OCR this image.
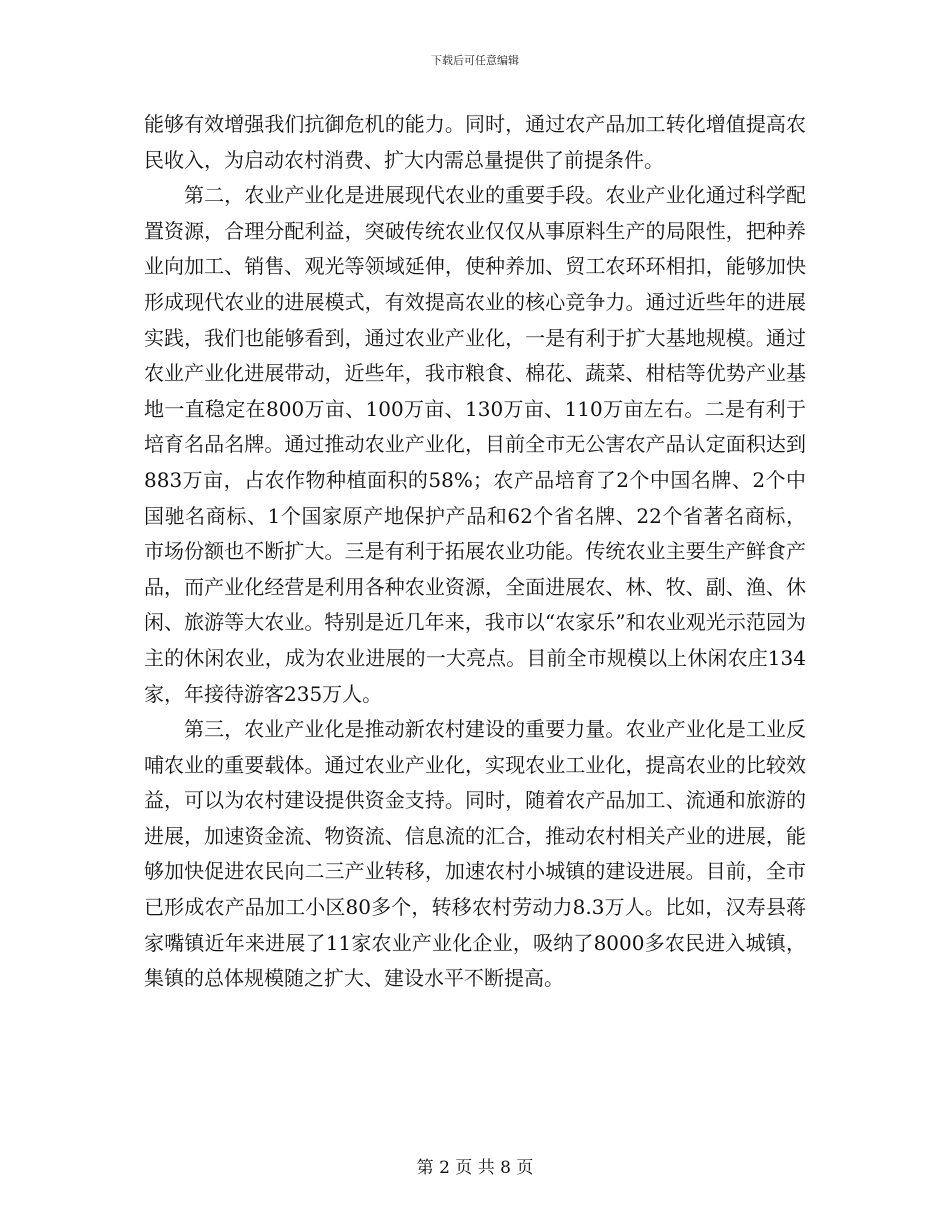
下载后可任意编辑

能够有效增强我们抗御危机的能力。同时，通过农产品加工转化增值提高农民收入，为启动农村消费、扩大内需总量提供了前提条件。

第二，农业产业化是进展现代农业的重要手段。农业产业化通过科学配置资源，合理分配利益，突破传统农业仅仅从事原料生产的局限性，把种养业向加工、销售、观光等领域延伸，使种养加、贸工农环环相扣，能够加快形成现代农业的进展模式，有效提高农业的核心竞争力。通过近些年的进展实践，我们也能够看到，通过农业产业化，一是有利于扩大基地规模。通过农业产业化进展带动，近些年，我市粮食、棉花、蔬菜、柑桔等优势产业基地一直稳定在800万亩、100万亩、130万亩、110万亩左右。二是有利于培育名品名牌。通过推动农业产业化，目前全市无公害农产品认定面积达到883万亩，占农作物种植面积的58%；农产品培育了2个中国名牌、2个中国驰名商标、1个国家原产地保护产品和62个省名牌、22个省著名商标，市场份额也不断扩大。三是有利于拓展农业功能。传统农业主要生产鲜食产品，而产业化经营是利用各种农业资源，全面进展农、林、牧、副、渔、休闲、旅游等大农业。特别是近几年来，我市以“农家乐”和农业观光示范园为主的休闲农业，成为农业进展的一大亮点。目前全市规模以上休闲农庄134家，年接待游客235万人。

第三，农业产业化是推动新农村建设的重要力量。农业产业化是工业反哺农业的重要载体。通过农业产业化，实现农业工业化，提高农业的比较效益，可以为农村建设提供资金支持。同时，随着农产品加工、流通和旅游的进展，加速资金流、物资流、信息流的汇合，推动农村相关产业的进展，能够加快促进农民向二三产业转移，加速农村小城镇的建设进展。目前，全市已形成农产品加工小区80多个，转移农村劳动力8.3万人。比如，汉寿县蒋家嘴镇近年来进展了11家农业产业化企业，吸纳了8000多农民进入城镇，集镇的总体规模随之扩大、建设水平不断提高。

第 2 页 共 8 页
